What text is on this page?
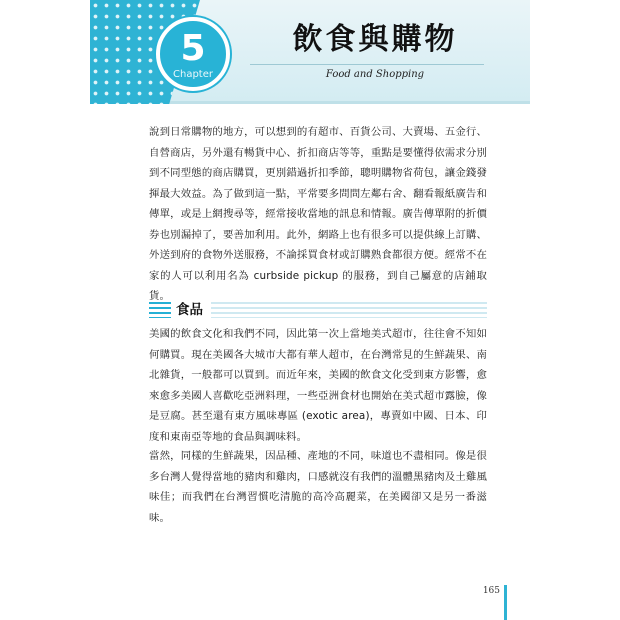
5
Chapter
飲食與購物
Food and Shopping

說到日常購物的地方，可以想到的有超市、百貨公司、大賣場、五金行、自營商店，另外還有暢貨中心、折扣商店等等，重點是要懂得依需求分別到不同型態的商店購買，更別錯過折扣季節，聰明購物省荷包，讓金錢發揮最大效益。為了做到這一點，平常要多問問左鄰右舍、翻看報紙廣告和傳單，或是上網搜尋等，經常接收當地的訊息和情報。廣告傳單附的折價券也別漏掉了，要善加利用。此外，網路上也有很多可以提供線上訂購、外送到府的食物外送服務，不論採買食材或訂購熟食都很方便。經常不在家的人可以利用名為 curbside pickup 的服務，到自己屬意的店鋪取貨。

食品

美國的飲食文化和我們不同，因此第一次上當地美式超市，往往會不知如何購買。現在美國各大城市大都有華人超市，在台灣常見的生鮮蔬果、南北雜貨，一般都可以買到。而近年來，美國的飲食文化受到東方影響，愈來愈多美國人喜歡吃亞洲料理，一些亞洲食材也開始在美式超市露臉，像是豆腐。甚至還有東方風味專區 (exotic area)，專賣如中國、日本、印度和東南亞等地的食品與調味料。

當然，同樣的生鮮蔬果，因品種、產地的不同，味道也不盡相同。像是很多台灣人覺得當地的豬肉和雞肉，口感就沒有我們的溫體黑豬肉及土雞風味佳；而我們在台灣習慣吃清脆的高冷高麗菜，在美國卻又是另一番滋味。

165
